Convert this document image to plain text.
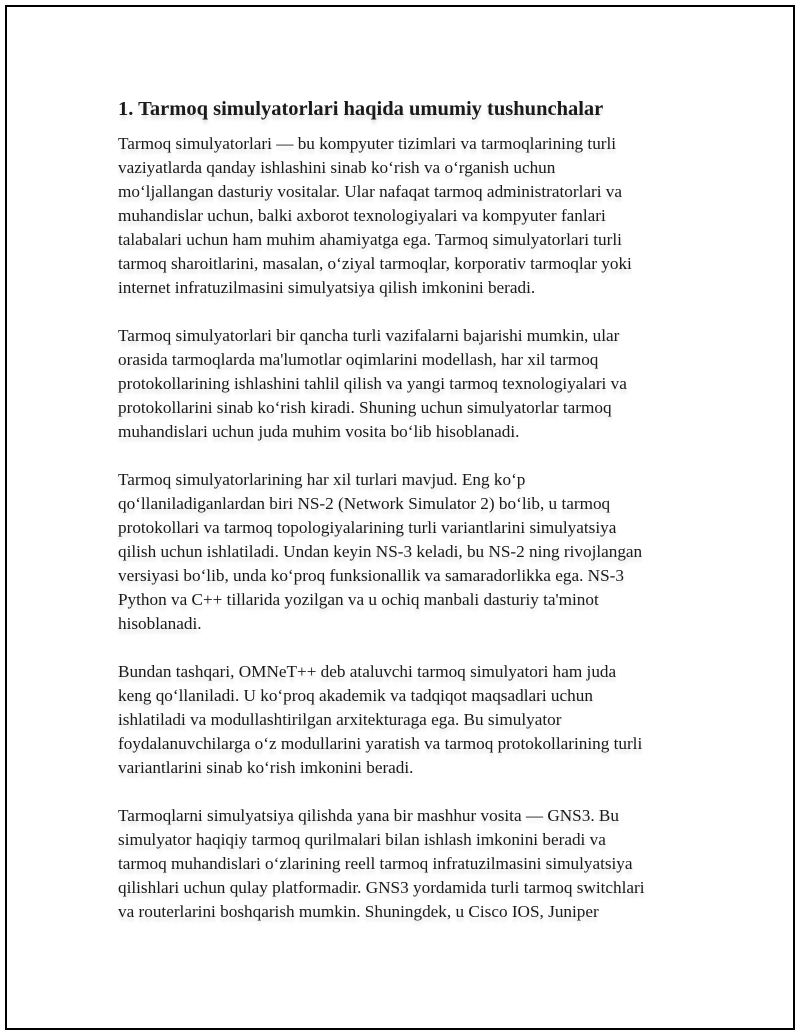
1. Tarmoq simulyatorlari haqida umumiy tushunchalar

Tarmoq simulyatorlari — bu kompyuter tizimlari va tarmoqlarining turli
vaziyatlarda qanday ishlashini sinab ko‘rish va o‘rganish uchun
mo‘ljallangan dasturiy vositalar. Ular nafaqat tarmoq administratorlari va
muhandislar uchun, balki axborot texnologiyalari va kompyuter fanlari
talabalari uchun ham muhim ahamiyatga ega. Tarmoq simulyatorlari turli
tarmoq sharoitlarini, masalan, o‘ziyal tarmoqlar, korporativ tarmoqlar yoki
internet infratuzilmasini simulyatsiya qilish imkonini beradi.

Tarmoq simulyatorlari bir qancha turli vazifalarni bajarishi mumkin, ular
orasida tarmoqlarda ma'lumotlar oqimlarini modellash, har xil tarmoq
protokollarining ishlashini tahlil qilish va yangi tarmoq texnologiyalari va
protokollarini sinab ko‘rish kiradi. Shuning uchun simulyatorlar tarmoq
muhandislari uchun juda muhim vosita bo‘lib hisoblanadi.

Tarmoq simulyatorlarining har xil turlari mavjud. Eng ko‘p
qo‘llaniladiganlardan biri NS-2 (Network Simulator 2) bo‘lib, u tarmoq
protokollari va tarmoq topologiyalarining turli variantlarini simulyatsiya
qilish uchun ishlatiladi. Undan keyin NS-3 keladi, bu NS-2 ning rivojlangan
versiyasi bo‘lib, unda ko‘proq funksionallik va samaradorlikka ega. NS-3
Python va C++ tillarida yozilgan va u ochiq manbali dasturiy ta'minot
hisoblanadi.

Bundan tashqari, OMNeT++ deb ataluvchi tarmoq simulyatori ham juda
keng qo‘llaniladi. U ko‘proq akademik va tadqiqot maqsadlari uchun
ishlatiladi va modullashtirilgan arxitekturaga ega. Bu simulyator
foydalanuvchilarga o‘z modullarini yaratish va tarmoq protokollarining turli
variantlarini sinab ko‘rish imkonini beradi.

Tarmoqlarni simulyatsiya qilishda yana bir mashhur vosita — GNS3. Bu
simulyator haqiqiy tarmoq qurilmalari bilan ishlash imkonini beradi va
tarmoq muhandislari o‘zlarining reell tarmoq infratuzilmasini simulyatsiya
qilishlari uchun qulay platformadir. GNS3 yordamida turli tarmoq switchlari
va routerlarini boshqarish mumkin. Shuningdek, u Cisco IOS, Juniper
